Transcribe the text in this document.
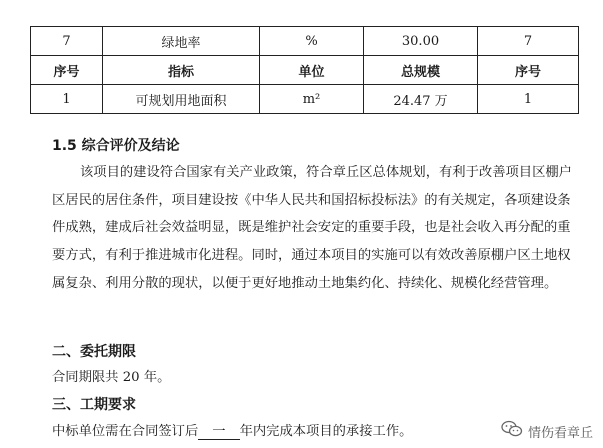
7	绿地率	%	30.00	7
序号	指标	单位	总规模	序号
1	可规划用地面积	m²	24.47 万	1
1.5 综合评价及结论

该项目的建设符合国家有关产业政策，符合章丘区总体规划，有利于改善项目区棚户区居民的居住条件，项目建设按《中华人民共和国招标投标法》的有关规定，各项建设条件成熟，建成后社会效益明显，既是维护社会安定的重要手段，也是社会收入再分配的重要方式，有利于推进城市化进程。同时，通过本项目的实施可以有效改善原棚户区土地权属复杂、利用分散的现状，以便于更好地推动土地集约化、持续化、规模化经营管理。

二、委托期限
合同期限共 20 年。
三、工期要求
中标单位需在合同签订后 一 年内完成本项目的承接工作。	情伤看章丘
